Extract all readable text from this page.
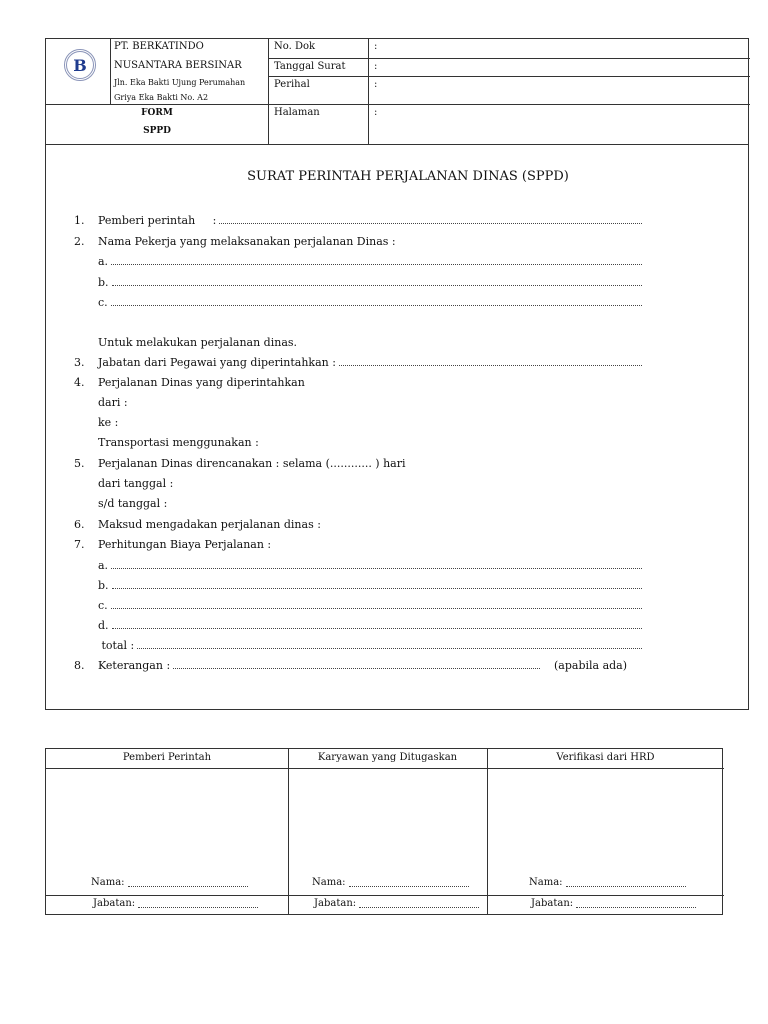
B
PT. BERKATINDO
NUSANTARA BERSINAR
Jln. Eka Bakti Ujung Perumahan
Griya Eka Bakti No. A2
FORM
SPPD
No. Dok	:
Tanggal Surat	:
Perihal	:
Halaman	:
SURAT PERINTAH PERJALANAN DINAS (SPPD)
1. Pemberi perintah     :
2. Nama Pekerja yang melaksanakan perjalanan Dinas :
a.
b.
c.
Untuk melakukan perjalanan dinas.
3. Jabatan dari Pegawai yang diperintahkan :
4. Perjalanan Dinas yang diperintahkan
dari :
ke :
Transportasi menggunakan :
5. Perjalanan Dinas direncanakan : selama (............ ) hari
dari tanggal :
s/d tanggal :
6. Maksud mengadakan perjalanan dinas :
7. Perhitungan Biaya Perjalanan :
a.
b.
c.
d.
total :
8. Keterangan :	(apabila ada)
Pemberi Perintah	Karyawan yang Ditugaskan	Verifikasi dari HRD
Nama:	Nama:	Nama:
Jabatan:	Jabatan:	Jabatan:
